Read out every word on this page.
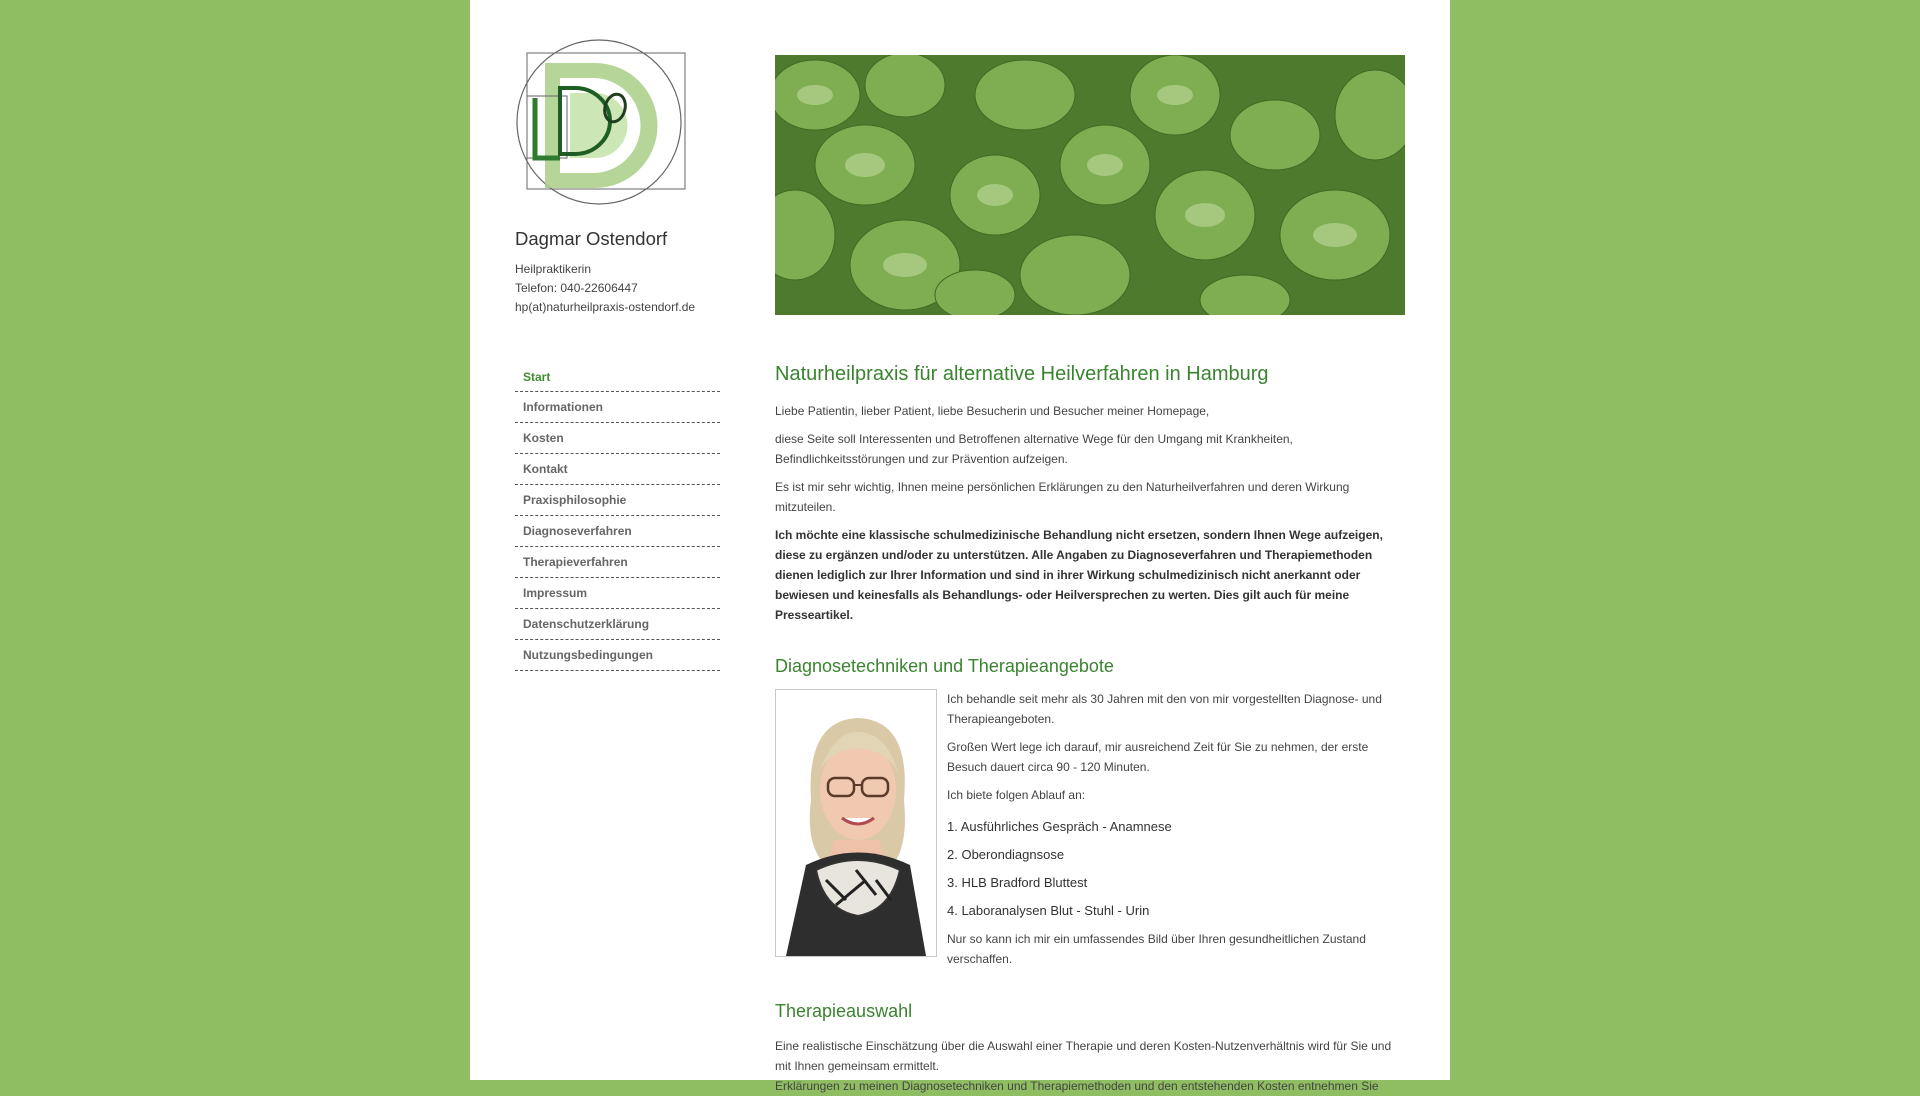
Dagmar Ostendorf
Heilpraktikerin
Telefon: 040-22606447
hp(at)naturheilpraxis-ostendorf.de
Start
Informationen
Kosten
Kontakt
Praxisphilosophie
Diagnoseverfahren
Therapieverfahren
Impressum
Datenschutzerklärung
Nutzungsbedingungen
Naturheilpraxis für alternative Heilverfahren in Hamburg

Liebe Patientin, lieber Patient, liebe Besucherin und Besucher meiner Homepage,

diese Seite soll Interessenten und Betroffenen alternative Wege für den Umgang mit Krankheiten, Befindlichkeitsstörungen und zur Prävention aufzeigen.

Es ist mir sehr wichtig, Ihnen meine persönlichen Erklärungen zu den Naturheilverfahren und deren Wirkung mitzuteilen.

Ich möchte eine klassische schulmedizinische Behandlung nicht ersetzen, sondern Ihnen Wege aufzeigen, diese zu ergänzen und/oder zu unterstützen. Alle Angaben zu Diagnoseverfahren und Therapiemethoden dienen lediglich zur Ihrer Information und sind in ihrer Wirkung schulmedizinisch nicht anerkannt oder bewiesen und keinesfalls als Behandlungs- oder Heilversprechen zu werten. Dies gilt auch für meine Presseartikel.

Diagnosetechniken und Therapieangebote

Ich behandle seit mehr als 30 Jahren mit den von mir vorgestellten Diagnose- und Therapieangeboten.

Großen Wert lege ich darauf, mir ausreichend Zeit für Sie zu nehmen, der erste Besuch dauert circa 90 - 120 Minuten.

Ich biete folgen Ablauf an:

1. Ausführliches Gespräch - Anamnese
2. Oberondiagnsose
3. HLB Bradford Bluttest
4. Laboranalysen Blut - Stuhl - Urin

Nur so kann ich mir ein umfassendes Bild über Ihren gesundheitlichen Zustand verschaffen.

Therapieauswahl

Eine realistische Einschätzung über die Auswahl einer Therapie und deren Kosten-Nutzenverhältnis wird für Sie und mit Ihnen gemeinsam ermittelt.

Erklärungen zu meinen Diagnosetechniken und Therapiemethoden und den entstehenden Kosten entnehmen Sie
